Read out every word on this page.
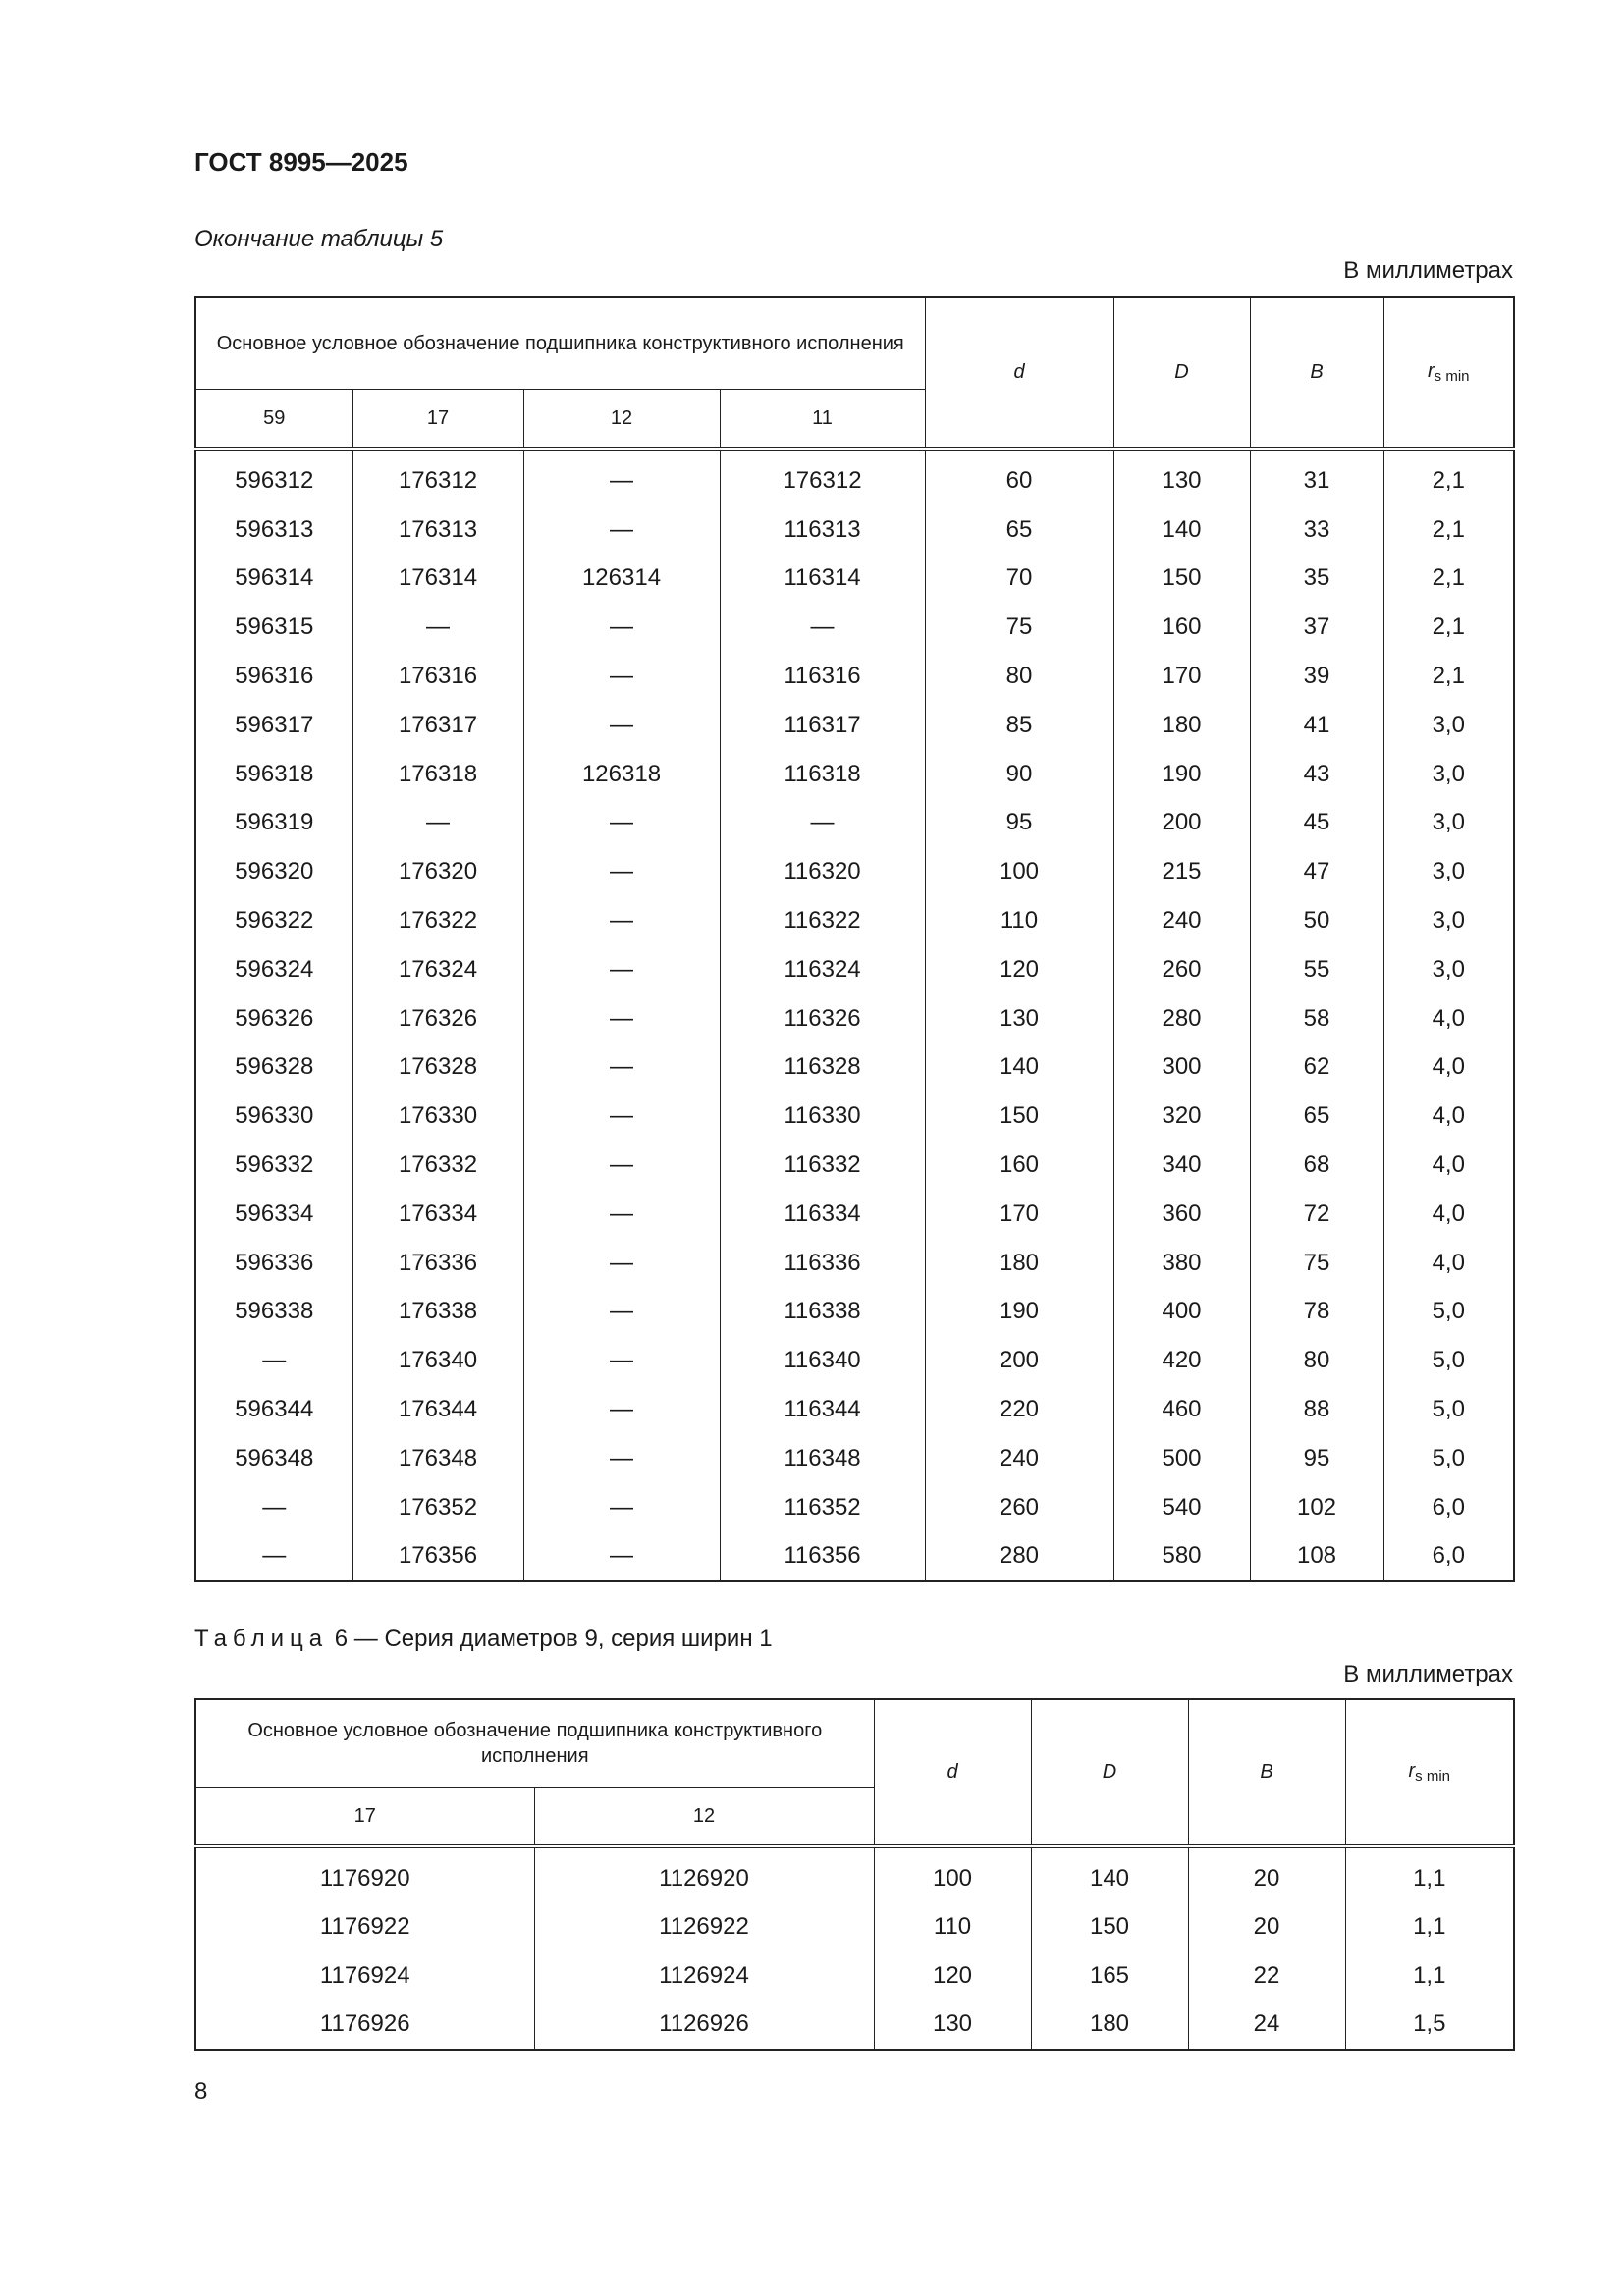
ГОСТ 8995—2025
Окончание таблицы 5
В миллиметрах
Основное условное обозначение подшипника конструктивного исполнения				d	D	B	$r_{s min}$
59	17	12	11				
596312	176312	—	176312	60	130	31	2,1
596313	176313	—	116313	65	140	33	2,1
596314	176314	126314	116314	70	150	35	2,1
596315	—	—	—	75	160	37	2,1
596316	176316	—	116316	80	170	39	2,1
596317	176317	—	116317	85	180	41	3,0
596318	176318	126318	116318	90	190	43	3,0
596319	—	—	—	95	200	45	3,0
596320	176320	—	116320	100	215	47	3,0
596322	176322	—	116322	110	240	50	3,0
596324	176324	—	116324	120	260	55	3,0
596326	176326	—	116326	130	280	58	4,0
596328	176328	—	116328	140	300	62	4,0
596330	176330	—	116330	150	320	65	4,0
596332	176332	—	116332	160	340	68	4,0
596334	176334	—	116334	170	360	72	4,0
596336	176336	—	116336	180	380	75	4,0
596338	176338	—	116338	190	400	78	5,0
—	176340	—	116340	200	420	80	5,0
596344	176344	—	116344	220	460	88	5,0
596348	176348	—	116348	240	500	95	5,0
—	176352	—	116352	260	540	102	6,0
—	176356	—	116356	280	580	108	6,0
Таблица 6 — Серия диаметров 9, серия ширин 1
В миллиметрах
Основное условное обозначение подшипника конструктивного исполнения		d	D	B	$r_{s min}$
17	12				
1176920	1126920	100	140	20	1,1
1176922	1126922	110	150	20	1,1
1176924	1126924	120	165	22	1,1
1176926	1126926	130	180	24	1,5
8
